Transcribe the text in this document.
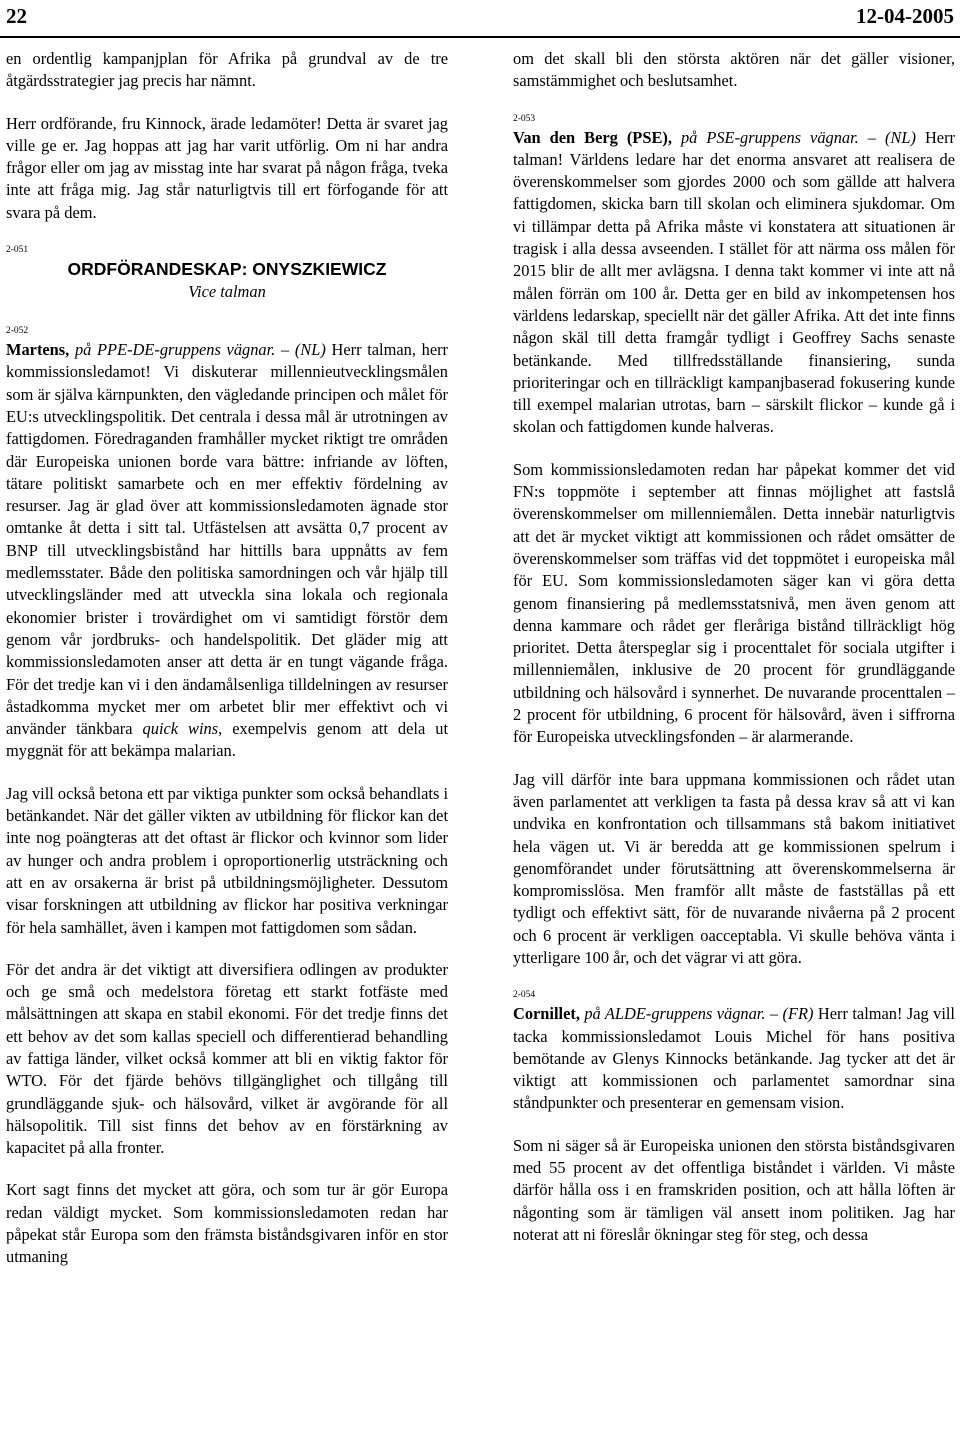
22	12-04-2005

en ordentlig kampanjplan för Afrika på grundval av de tre åtgärdsstrategier jag precis har nämnt.

Herr ordförande, fru Kinnock, ärade ledamöter! Detta är svaret jag ville ge er. Jag hoppas att jag har varit utförlig. Om ni har andra frågor eller om jag av misstag inte har svarat på någon fråga, tveka inte att fråga mig. Jag står naturligtvis till ert förfogande för att svara på dem.

2-051
ORDFÖRANDESKAP: ONYSZKIEWICZ
Vice talman
2-052

Martens, på PPE-DE-gruppens vägnar. – (NL) Herr talman, herr kommissionsledamot! Vi diskuterar millennieutvecklingsmålen som är själva kärnpunkten, den vägledande principen och målet för EU:s utvecklingspolitik. Det centrala i dessa mål är utrotningen av fattigdomen. Föredraganden framhåller mycket riktigt tre områden där Europeiska unionen borde vara bättre: infriande av löften, tätare politiskt samarbete och en mer effektiv fördelning av resurser. Jag är glad över att kommissionsledamoten ägnade stor omtanke åt detta i sitt tal. Utfästelsen att avsätta 0,7 procent av BNP till utvecklingsbistånd har hittills bara uppnåtts av fem medlemsstater. Både den politiska samordningen och vår hjälp till utvecklingsländer med att utveckla sina lokala och regionala ekonomier brister i trovärdighet om vi samtidigt förstör dem genom vår jordbruks- och handelspolitik. Det gläder mig att kommissionsledamoten anser att detta är en tungt vägande fråga. För det tredje kan vi i den ändamålsenliga tilldelningen av resurser åstadkomma mycket mer om arbetet blir mer effektivt och vi använder tänkbara quick wins, exempelvis genom att dela ut myggnät för att bekämpa malarian.

Jag vill också betona ett par viktiga punkter som också behandlats i betänkandet. När det gäller vikten av utbildning för flickor kan det inte nog poängteras att det oftast är flickor och kvinnor som lider av hunger och andra problem i oproportionerlig utsträckning och att en av orsakerna är brist på utbildningsmöjligheter. Dessutom visar forskningen att utbildning av flickor har positiva verkningar för hela samhället, även i kampen mot fattigdomen som sådan.

För det andra är det viktigt att diversifiera odlingen av produkter och ge små och medelstora företag ett starkt fotfäste med målsättningen att skapa en stabil ekonomi. För det tredje finns det ett behov av det som kallas speciell och differentierad behandling av fattiga länder, vilket också kommer att bli en viktig faktor för WTO. För det fjärde behövs tillgänglighet och tillgång till grundläggande sjuk- och hälsovård, vilket är avgörande för all hälsopolitik. Till sist finns det behov av en förstärkning av kapacitet på alla fronter.

Kort sagt finns det mycket att göra, och som tur är gör Europa redan väldigt mycket. Som kommissionsledamoten redan har påpekat står Europa som den främsta biståndsgivaren inför en stor utmaning

om det skall bli den största aktören när det gäller visioner, samstämmighet och beslutsamhet.

2-053

Van den Berg (PSE), på PSE-gruppens vägnar. – (NL) Herr talman! Världens ledare har det enorma ansvaret att realisera de överenskommelser som gjordes 2000 och som gällde att halvera fattigdomen, skicka barn till skolan och eliminera sjukdomar. Om vi tillämpar detta på Afrika måste vi konstatera att situationen är tragisk i alla dessa avseenden. I stället för att närma oss målen för 2015 blir de allt mer avlägsna. I denna takt kommer vi inte att nå målen förrän om 100 år. Detta ger en bild av inkompetensen hos världens ledarskap, speciellt när det gäller Afrika. Att det inte finns någon skäl till detta framgår tydligt i Geoffrey Sachs senaste betänkande. Med tillfredsställande finansiering, sunda prioriteringar och en tillräckligt kampanjbaserad fokusering kunde till exempel malarian utrotas, barn – särskilt flickor – kunde gå i skolan och fattigdomen kunde halveras.

Som kommissionsledamoten redan har påpekat kommer det vid FN:s toppmöte i september att finnas möjlighet att fastslå överenskommelser om millenniemålen. Detta innebär naturligtvis att det är mycket viktigt att kommissionen och rådet omsätter de överenskommelser som träffas vid det toppmötet i europeiska mål för EU. Som kommissionsledamoten säger kan vi göra detta genom finansiering på medlemsstatsnivå, men även genom att denna kammare och rådet ger fleråriga bistånd tillräckligt hög prioritet. Detta återspeglar sig i procenttalet för sociala utgifter i millenniemålen, inklusive de 20 procent för grundläggande utbildning och hälsovård i synnerhet. De nuvarande procenttalen – 2 procent för utbildning, 6 procent för hälsovård, även i siffrorna för Europeiska utvecklingsfonden – är alarmerande.

Jag vill därför inte bara uppmana kommissionen och rådet utan även parlamentet att verkligen ta fasta på dessa krav så att vi kan undvika en konfrontation och tillsammans stå bakom initiativet hela vägen ut. Vi är beredda att ge kommissionen spelrum i genomförandet under förutsättning att överenskommelserna är kompromisslösa. Men framför allt måste de fastställas på ett tydligt och effektivt sätt, för de nuvarande nivåerna på 2 procent och 6 procent är verkligen oacceptabla. Vi skulle behöva vänta i ytterligare 100 år, och det vägrar vi att göra.

2-054

Cornillet, på ALDE-gruppens vägnar. – (FR) Herr talman! Jag vill tacka kommissionsledamot Louis Michel för hans positiva bemötande av Glenys Kinnocks betänkande. Jag tycker att det är viktigt att kommissionen och parlamentet samordnar sina ståndpunkter och presenterar en gemensam vision.

Som ni säger så är Europeiska unionen den största biståndsgivaren med 55 procent av det offentliga biståndet i världen. Vi måste därför hålla oss i en framskriden position, och att hålla löften är någonting som är tämligen väl ansett inom politiken. Jag har noterat att ni föreslår ökningar steg för steg, och dessa
